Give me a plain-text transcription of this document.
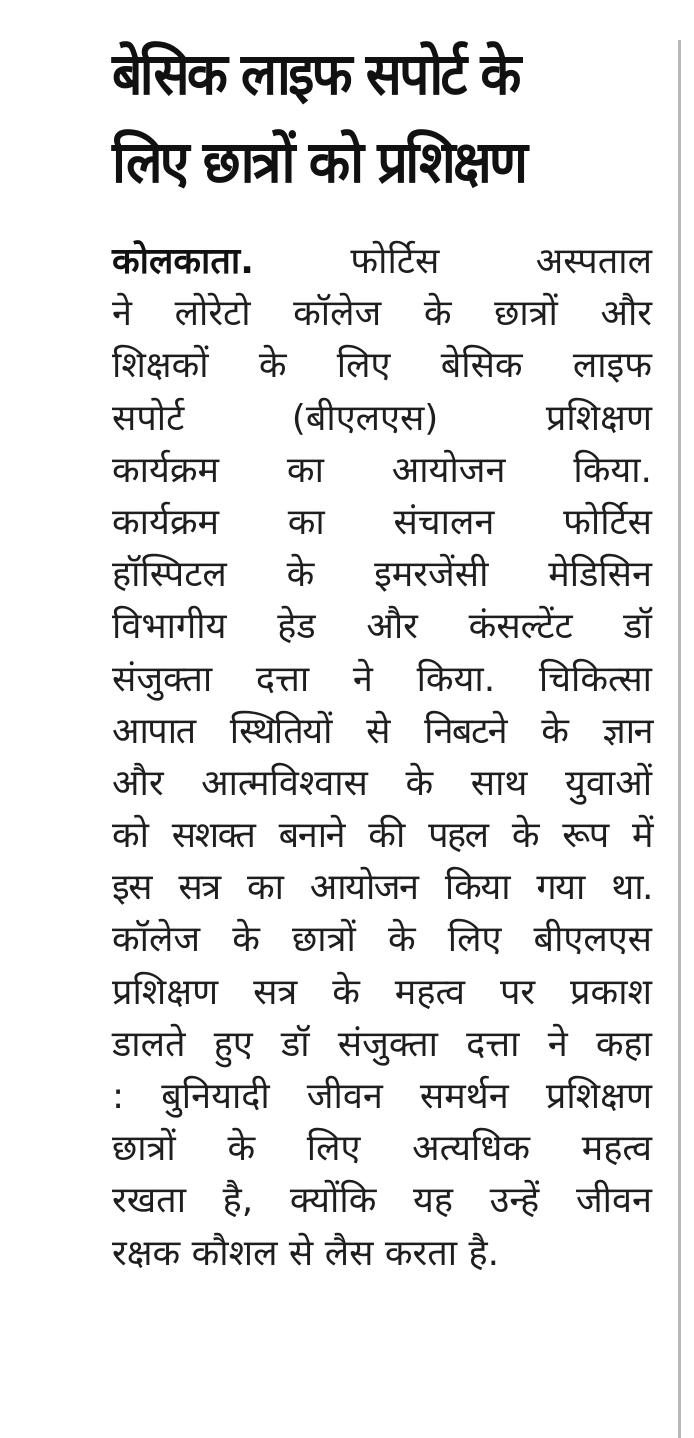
बेसिक लाइफ सपोर्ट के
लिए छात्रों को प्रशिक्षण
कोलकाता.	फोर्टिस अस्पताल
ने लोरेटो कॉलेज के छात्रों और
शिक्षकों के लिए बेसिक लाइफ
सपोर्ट (बीएलएस) प्रशिक्षण
कार्यक्रम का आयोजन किया.
कार्यक्रम का संचालन फोर्टिस
हॉस्पिटल के इमरजेंसी मेडिसिन
विभागीय हेड और कंसल्टेंट डॉ
संजुक्ता दत्ता ने किया. चिकित्सा
आपात स्थितियों से निबटने के ज्ञान
और आत्मविश्वास के साथ युवाओं
को सशक्त बनाने की पहल के रूप में
इस सत्र का आयोजन किया गया था.
कॉलेज के छात्रों के लिए बीएलएस
प्रशिक्षण सत्र के महत्व पर प्रकाश
डालते हुए डॉ संजुक्ता दत्ता ने कहा
: बुनियादी जीवन समर्थन प्रशिक्षण
छात्रों के लिए अत्यधिक महत्व
रखता है, क्योंकि यह उन्हें जीवन
रक्षक कौशल से लैस करता है.
